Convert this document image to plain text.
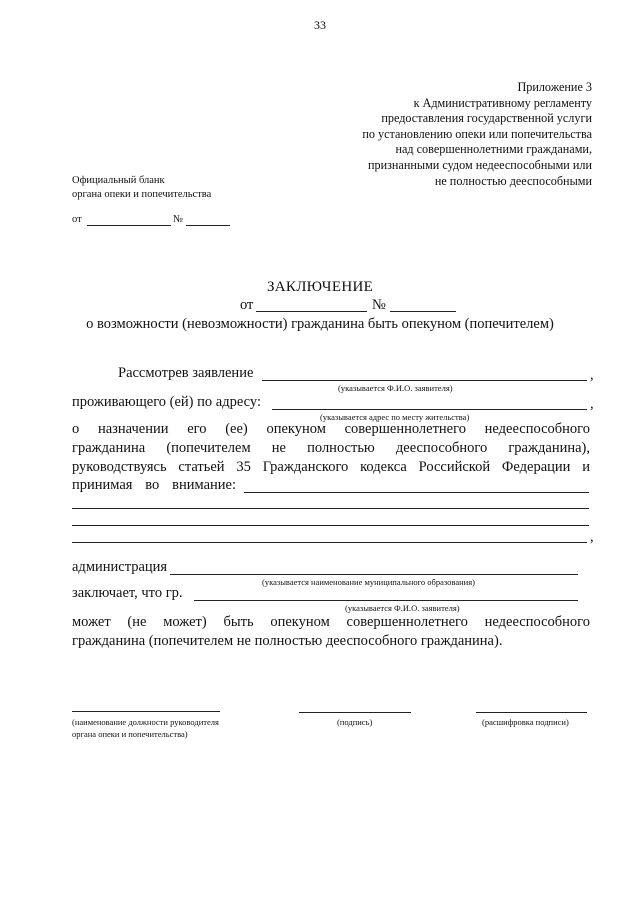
33
Приложение 3
к Административному регламенту
предоставления государственной услуги
по установлению опеки или попечительства
над совершеннолетними гражданами,
признанными судом недееспособными или
не полностью дееспособными
Официальный бланк
органа опеки и попечительства
от	№
ЗАКЛЮЧЕНИЕ
от	№
о возможности (невозможности) гражданина быть опекуном (попечителем)
Рассмотрев заявление	,
(указывается Ф.И.О. заявителя)
проживающего (ей) по адресу:	,
(указывается адрес по месту жительства)
о назначении его (ее) опекуном совершеннолетнего недееспособного
гражданина (попечителем не полностью дееспособного гражданина),
руководствуясь статьей 35 Гражданского кодекса Российской Федерации и
принимая во внимание:
,
администрация
(указывается наименование муниципального образования)
заключает, что гр.
(указывается Ф.И.О. заявителя)
может (не может) быть опекуном совершеннолетнего недееспособного
гражданина (попечителем не полностью дееспособного гражданина).
(наименование должности руководителя
органа опеки и попечительства)
(подпись)	(расшифровка подписи)
